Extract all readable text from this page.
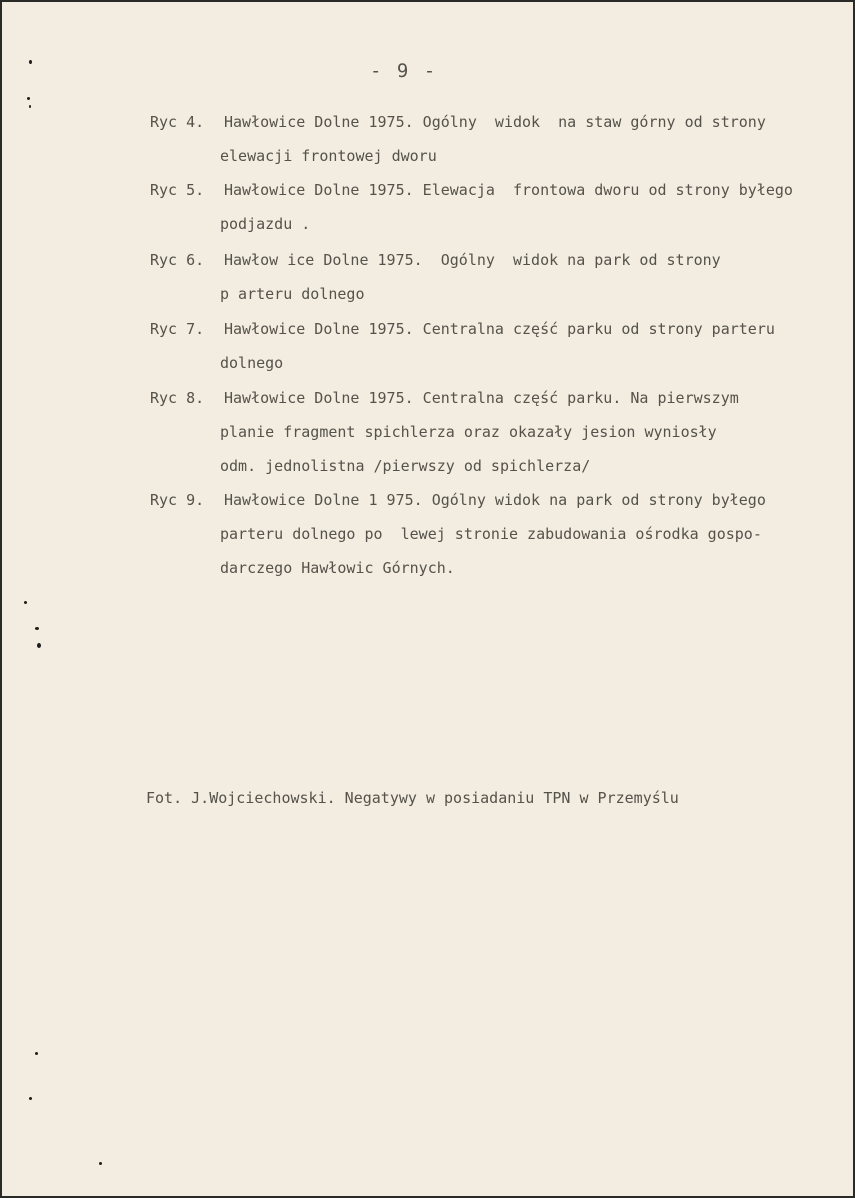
- 9 -
Ryc 4. Hawłowice Dolne 1975. Ogólny  widok  na staw górny od strony
elewacji frontowej dworu
Ryc 5. Hawłowice Dolne 1975. Elewacja  frontowa dworu od strony byłego
podjazdu .
Ryc 6. Hawłow ice Dolne 1975.  Ogólny  widok na park od strony
p arteru dolnego
Ryc 7. Hawłowice Dolne 1975. Centralna część parku od strony parteru
dolnego
Ryc 8. Hawłowice Dolne 1975. Centralna część parku. Na pierwszym
planie fragment spichlerza oraz okazały jesion wyniosły
odm. jednolistna /pierwszy od spichlerza/
Ryc 9. Hawłowice Dolne 1 975. Ogólny widok na park od strony byłego
parteru dolnego po  lewej stronie zabudowania ośrodka gospo-
darczego Hawłowic Górnych.
Fot. J.Wojciechowski. Negatywy w posiadaniu TPN w Przemyślu
